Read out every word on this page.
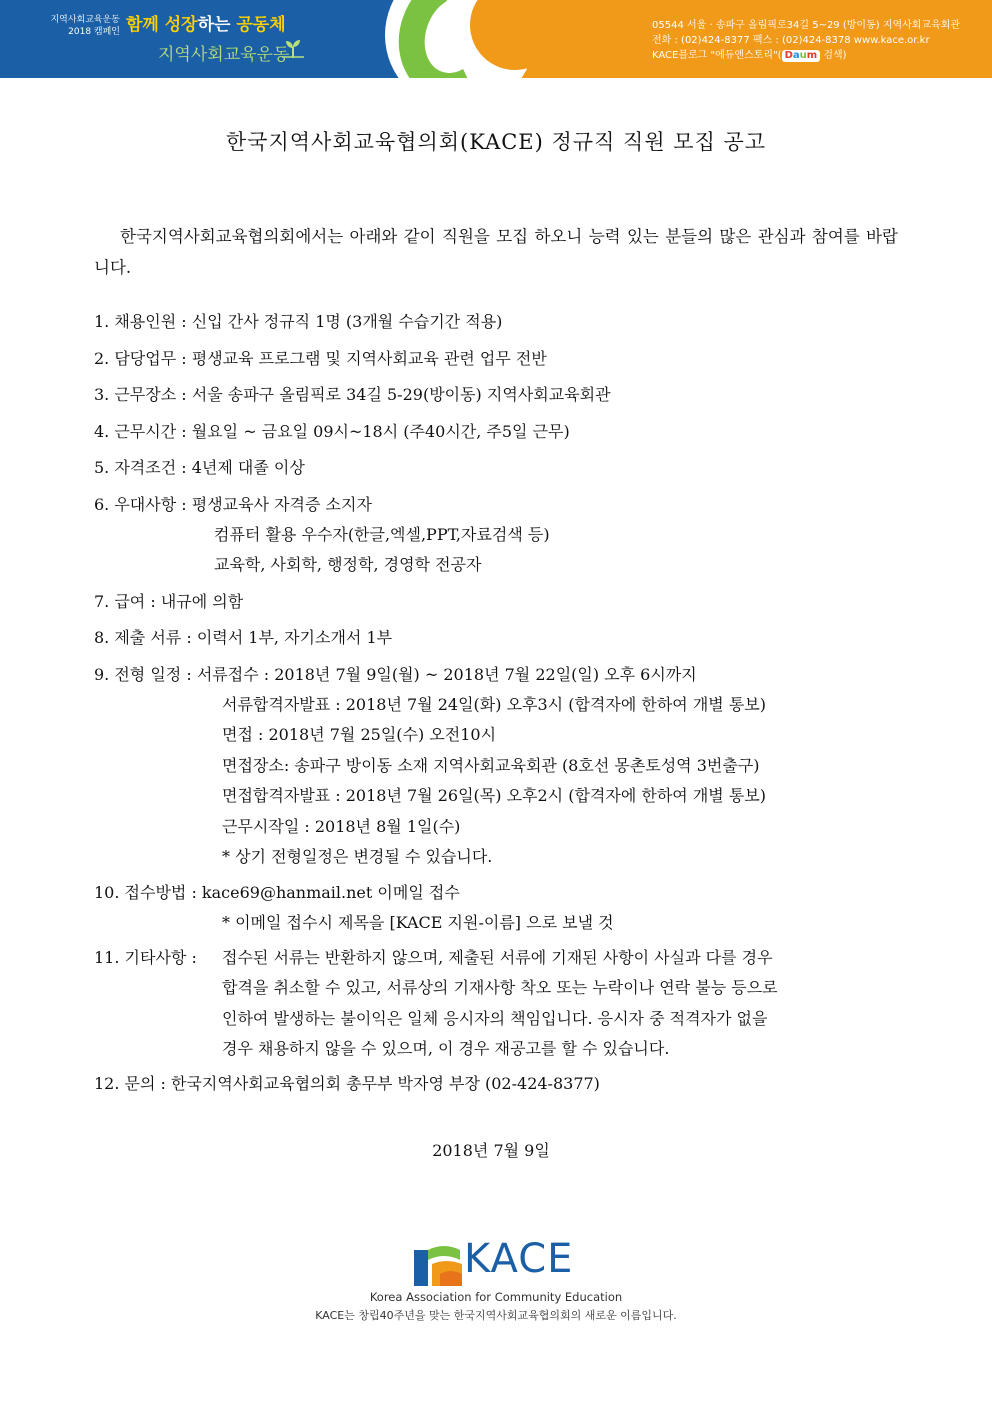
지역사회교육운동
2018 캠페인 함께 성장하는 공동체
지역사회교육운동
05544 서울 · 송파구 올림픽로34길 5~29 (방이동) 지역사회교육회관
전화 : (02)424-8377 팩스 : (02)424-8378 www.kace.or.kr
KACE블로그 "에듀앤스토리"( Daum 검색)
한국지역사회교육협의회(KACE) 정규직 직원 모집 공고

한국지역사회교육협의회에서는 아래와 같이 직원을 모집 하오니 능력 있는 분들의 많은 관심과 참여를 바랍니다.

1. 채용인원 : 신입 간사 정규직 1명 (3개월 수습기간 적용)
2. 담당업무 : 평생교육 프로그램 및 지역사회교육 관련 업무 전반
3. 근무장소 : 서울 송파구 올림픽로 34길 5-29(방이동) 지역사회교육회관
4. 근무시간 : 월요일 ~ 금요일 09시~18시 (주40시간, 주5일 근무)
5. 자격조건 : 4년제 대졸 이상
6. 우대사항 : 평생교육사 자격증 소지자
컴퓨터 활용 우수자(한글,엑셀,PPT,자료검색 등)
교육학, 사회학, 행정학, 경영학 전공자
7. 급여 : 내규에 의함
8. 제출 서류 : 이력서 1부, 자기소개서 1부
9. 전형 일정 : 서류접수 : 2018년 7월 9일(월) ~ 2018년 7월 22일(일) 오후 6시까지
서류합격자발표 : 2018년 7월 24일(화) 오후3시 (합격자에 한하여 개별 통보)
면접 : 2018년 7월 25일(수) 오전10시
면접장소: 송파구 방이동 소재 지역사회교육회관 (8호선 몽촌토성역 3번출구)
면접합격자발표 : 2018년 7월 26일(목) 오후2시 (합격자에 한하여 개별 통보)
근무시작일 : 2018년 8월 1일(수)
* 상기 전형일정은 변경될 수 있습니다.
10. 접수방법 : kace69@hanmail.net 이메일 접수
* 이메일 접수시 제목을 [KACE 지원-이름] 으로 보낼 것
11. 기타사항 : 접수된 서류는 반환하지 않으며, 제출된 서류에 기재된 사항이 사실과 다를 경우
합격을 취소할 수 있고, 서류상의 기재사항 착오 또는 누락이나 연락 불능 등으로
인하여 발생하는 불이익은 일체 응시자의 책임입니다. 응시자 중 적격자가 없을
경우 채용하지 않을 수 있으며, 이 경우 재공고를 할 수 있습니다.
12. 문의 : 한국지역사회교육협의회 총무부 박자영 부장 (02-424-8377)
2018년 7월 9일
KACE
Korea Association for Community Education
KACE는 창립40주년을 맞는 한국지역사회교육협의회의 새로운 이름입니다.
